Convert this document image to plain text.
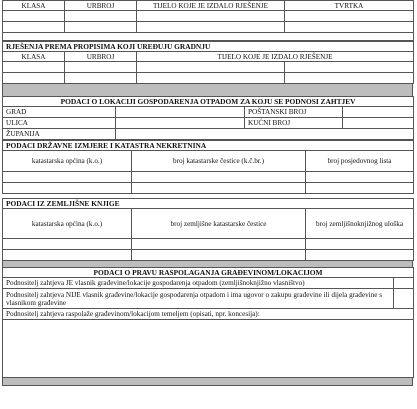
KLASA	URBROJ	TIJELO KOJE JE IZDALO RJEŠENJE	TVRTKA

RJEŠENJA PREMA PROPISIMA KOJI UREĐUJU GRADNJU			
KLASA	URBROJ	TIJELO KOJE JE IZDALO RJEŠENJE	

PODACI O LOKACIJI GOSPODARENJA OTPADOM ZA KOJU SE PODNOSI ZAHTJEV			
GRAD		POŠTANSKI BROJ	
ULICA		KUĆNI BROJ	
ŽUPANIJA			
PODACI DRŽAVNE IZMJERE I KATASTRA NEKRETNINA		
katastarska općina (k.o.)	broj katastarske čestice (k.č.br.)	broj posjedovnog lista

PODACI IZ ZEMLJIŠNE KNJIGE		
katastarska općina (k.o.)	broj zemljišne katastarske čestice	broj zemljišnoknjižnog uloška

PODACI O PRAVU RASPOLAGANJA GRAĐEVINOM/LOKACIJOM	
Podnositelj zahtjeva JE vlasnik građevine/lokacije gospodarenja otpadom (zemljišnoknjižno vlasništvo)	
Podnositelj zahtjeva NIJE vlasnik građevine/lokacije gospodarenja otpadom i ima ugovor o zakupu građevine ili dijela građevine s vlasnikom građevine	
Podnositelj zahtjeva raspolaže građevinom/lokacijom temeljem (opisati, npr. koncesija):	
